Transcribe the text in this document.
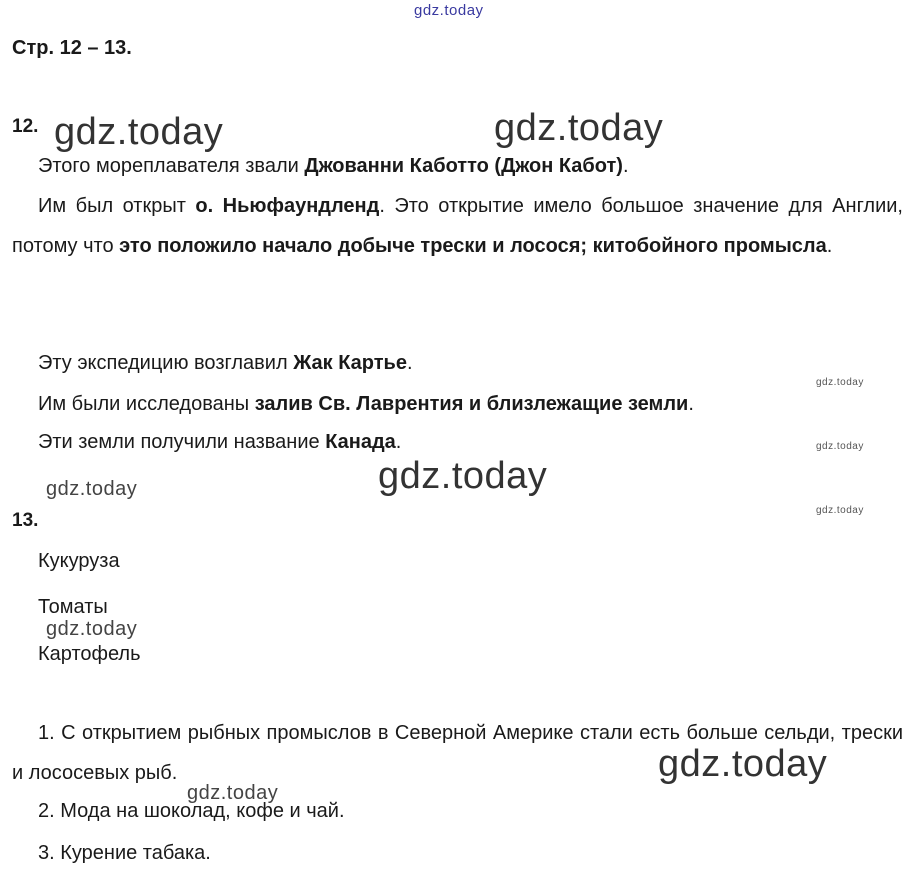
gdz.today
Стр. 12 – 13.
12. gdz.today	gdz.today
Этого мореплавателя звали Джованни Каботто (Джон Кабот).
Им был открыт о. Ньюфаундленд. Это открытие имело большое значение для Англии, потому что это положило начало добыче трески и лосося; китобойного промысла.
Эту экспедицию возглавил Жак Картье.
gdz.today
Им были исследованы залив Св. Лаврентия и близлежащие земли.
Эти земли получили название Канада.	gdz.today
gdz.today
gdz.today
13.	gdz.today
Кукуруза
Томаты
gdz.today
Картофель
1. С открытием рыбных промыслов в Северной Америке стали есть больше сельди, трески и лососевых рыб.	gdz.today
gdz.today
2. Мода на шоколад, кофе и чай.
3. Курение табака.
